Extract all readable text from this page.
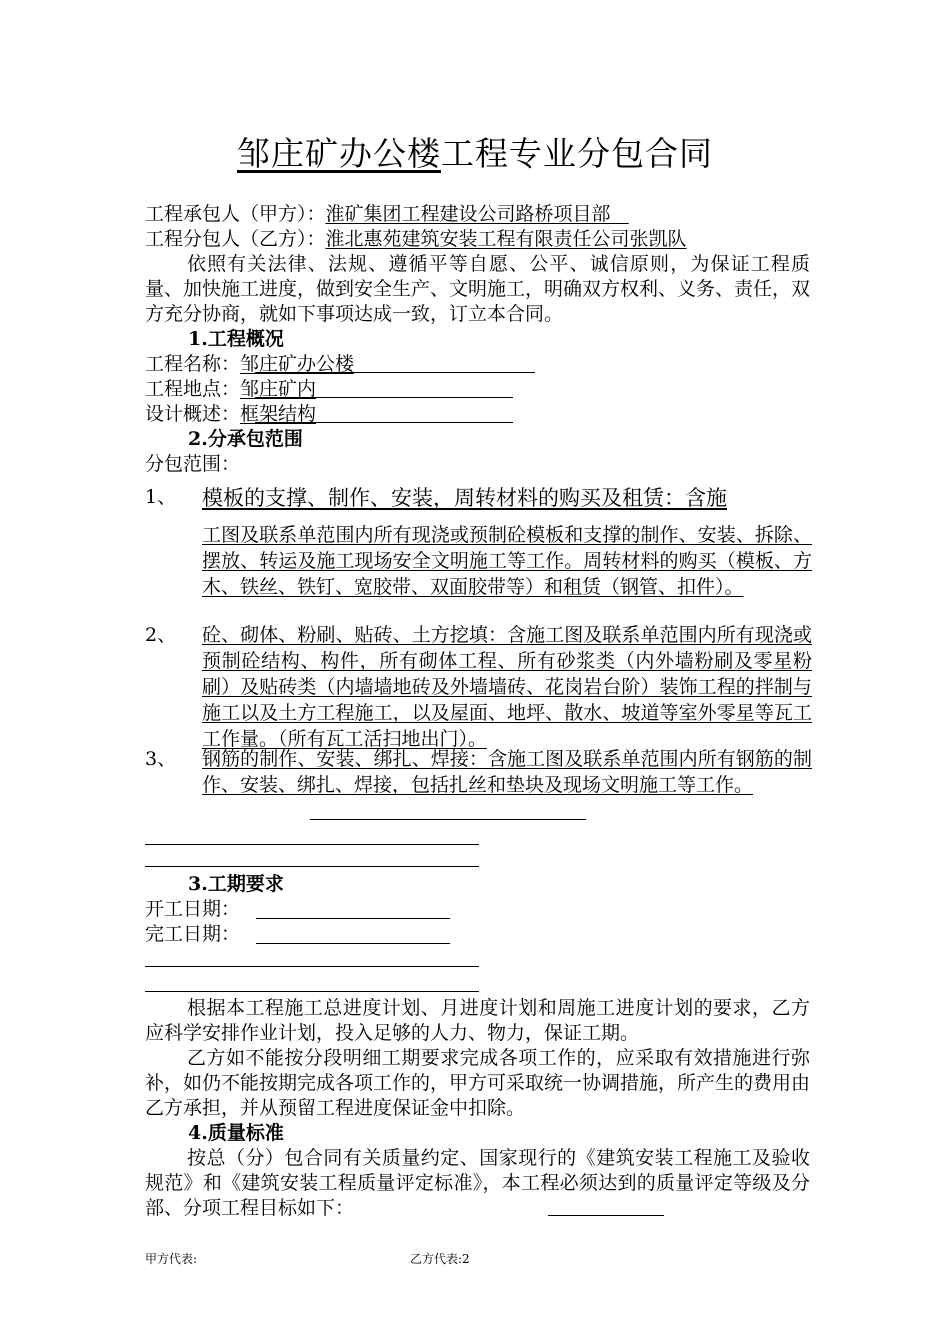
邹庄矿办公楼工程专业分包合同
工程承包人（甲方）：淮矿集团工程建设公司路桥项目部
工程分包人（乙方）：淮北惠苑建筑安装工程有限责任公司张凯队
依照有关法律、法规、遵循平等自愿、公平、诚信原则，为保证工程质量、加快施工进度，做到安全生产、文明施工，明确双方权利、义务、责任，双方充分协商，就如下事项达成一致，订立本合同。
1.工程概况
工程名称：邹庄矿办公楼
工程地点：邹庄矿内
设计概述：框架结构
2.分承包范围
分包范围：
1、 模板的支撑、制作、安装，周转材料的购买及租赁：含施
工图及联系单范围内所有现浇或预制砼模板和支撑的制作、安装、拆除、摆放、转运及施工现场安全文明施工等工作。周转材料的购买（模板、方木、铁丝、铁钉、宽胶带、双面胶带等）和租赁（钢管、扣件）。
2、 砼、砌体、粉刷、贴砖、土方挖填：含施工图及联系单范围内所有现浇或预制砼结构、构件，所有砌体工程、所有砂浆类（内外墙粉刷及零星粉刷）及贴砖类（内墙墙地砖及外墙墙砖、花岗岩台阶）装饰工程的拌制与施工以及土方工程施工，以及屋面、地坪、散水、坡道等室外零星等瓦工工作量。（所有瓦工活扫地出门）。
3、 钢筋的制作、安装、绑扎、焊接：含施工图及联系单范围内所有钢筋的制作、安装、绑扎、焊接，包括扎丝和垫块及现场文明施工等工作。
3.工期要求
开工日期：
完工日期：
根据本工程施工总进度计划、月进度计划和周施工进度计划的要求，乙方应科学安排作业计划，投入足够的人力、物力，保证工期。
乙方如不能按分段明细工期要求完成各项工作的，应采取有效措施进行弥补，如仍不能按期完成各项工作的，甲方可采取统一协调措施，所产生的费用由乙方承担，并从预留工程进度保证金中扣除。
4.质量标准
按总（分）包合同有关质量约定、国家现行的《建筑安装工程施工及验收规范》和《建筑安装工程质量评定标准》，本工程必须达到的质量评定等级及分部、分项工程目标如下：
甲方代表:	乙方代表:2
